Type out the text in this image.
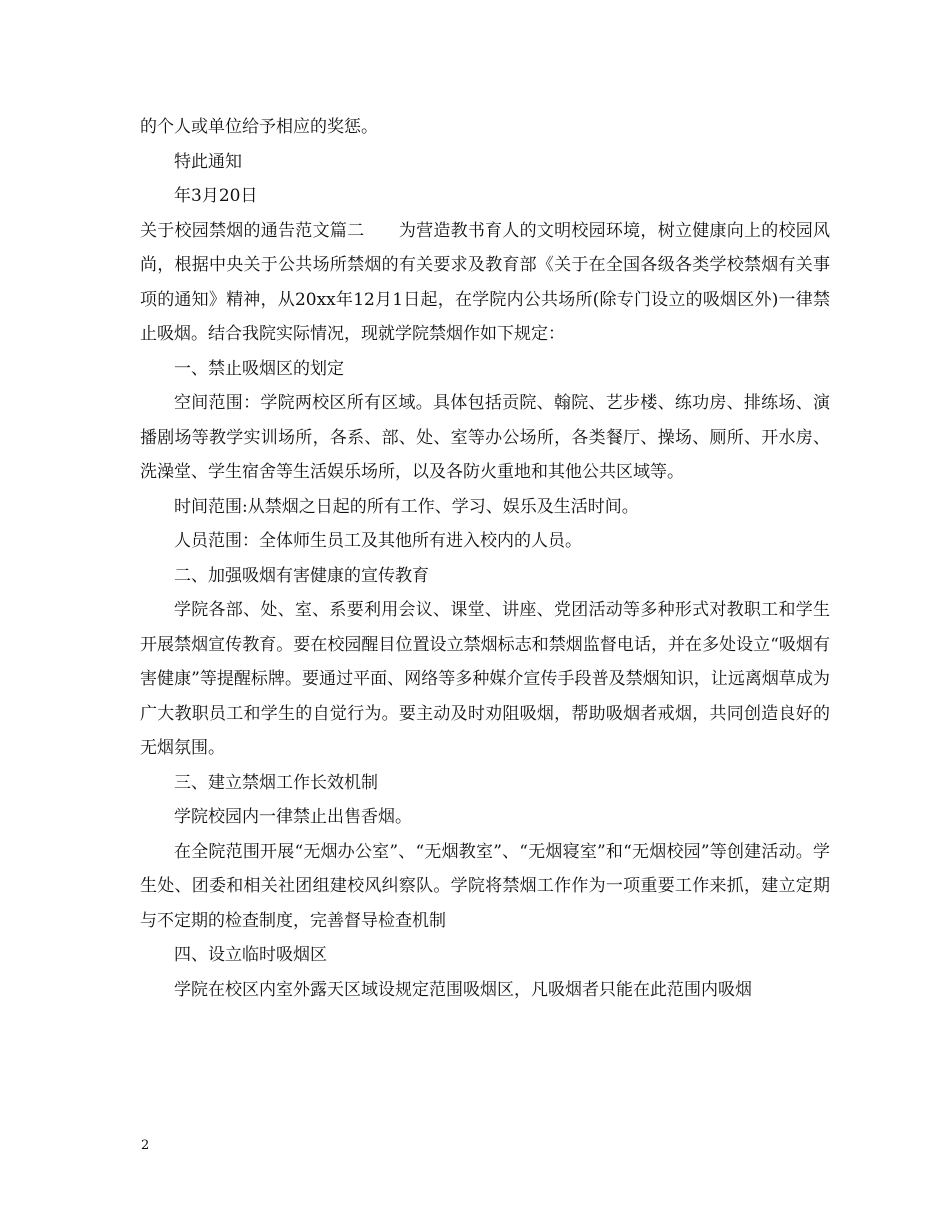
的个人或单位给予相应的奖惩。

特此通知

年3月20日

关于校园禁烟的通告范文篇二　　为营造教书育人的文明校园环境，树立健康向上的校园风尚，根据中央关于公共场所禁烟的有关要求及教育部《关于在全国各级各类学校禁烟有关事项的通知》精神，从20xx年12月1日起，在学院内公共场所(除专门设立的吸烟区外)一律禁止吸烟。结合我院实际情况，现就学院禁烟作如下规定：

一、禁止吸烟区的划定

空间范围：学院两校区所有区域。具体包括贡院、翰院、艺步楼、练功房、排练场、演播剧场等教学实训场所，各系、部、处、室等办公场所，各类餐厅、操场、厕所、开水房、洗澡堂、学生宿舍等生活娱乐场所，以及各防火重地和其他公共区域等。

时间范围:从禁烟之日起的所有工作、学习、娱乐及生活时间。

人员范围：全体师生员工及其他所有进入校内的人员。

二、加强吸烟有害健康的宣传教育

学院各部、处、室、系要利用会议、课堂、讲座、党团活动等多种形式对教职工和学生开展禁烟宣传教育。要在校园醒目位置设立禁烟标志和禁烟监督电话，并在多处设立“吸烟有害健康”等提醒标牌。要通过平面、网络等多种媒介宣传手段普及禁烟知识，让远离烟草成为广大教职员工和学生的自觉行为。要主动及时劝阻吸烟，帮助吸烟者戒烟，共同创造良好的无烟氛围。

三、建立禁烟工作长效机制

学院校园内一律禁止出售香烟。

在全院范围开展“无烟办公室”、“无烟教室”、“无烟寝室”和“无烟校园”等创建活动。学生处、团委和相关社团组建校风纠察队。学院将禁烟工作作为一项重要工作来抓，建立定期与不定期的检查制度，完善督导检查机制

四、设立临时吸烟区

学院在校区内室外露天区域设规定范围吸烟区，凡吸烟者只能在此范围内吸烟

2
